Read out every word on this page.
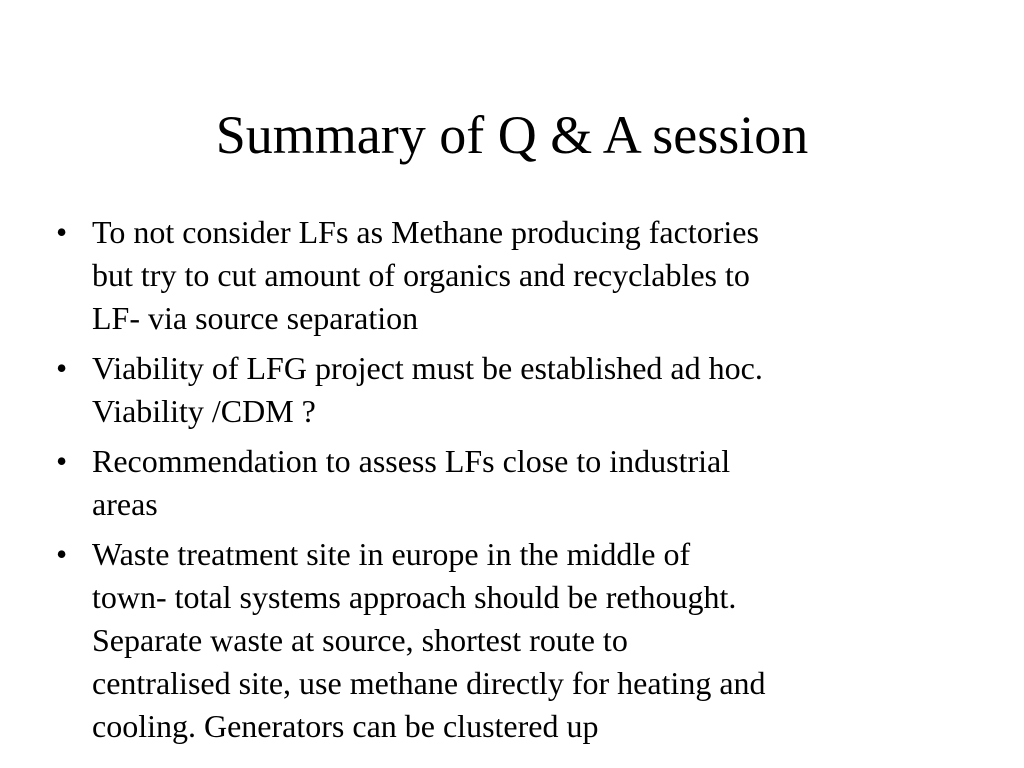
Summary of Q & A session
• To not consider LFs as Methane producing factories
but try to cut amount of organics and recyclables to
LF- via source separation
• Viability of LFG project must be established ad hoc.
Viability /CDM ?
• Recommendation to assess LFs close to industrial
areas
• Waste treatment site in europe in the middle of
town- total systems approach should be rethought.
Separate waste at source, shortest route to
centralised site, use methane directly for heating and
cooling. Generators can be clustered up
